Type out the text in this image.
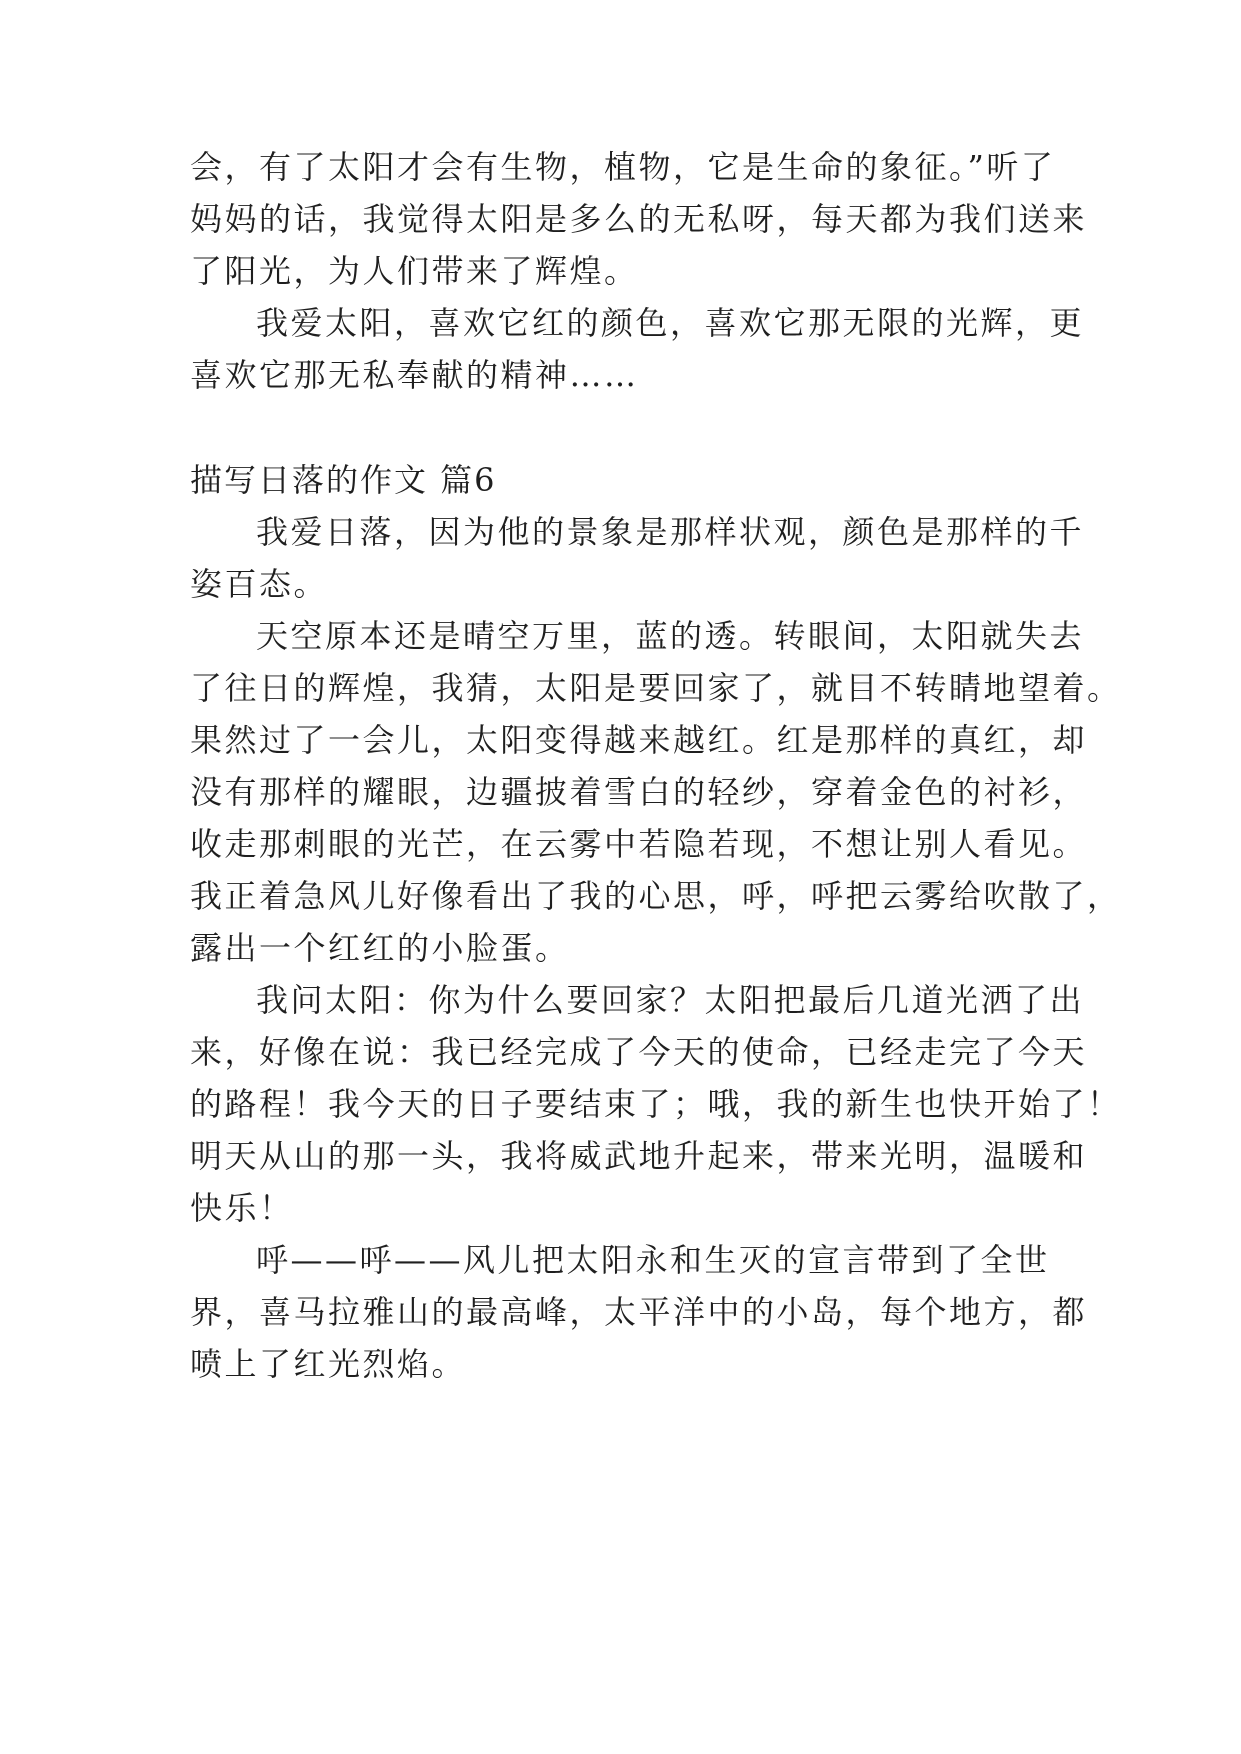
会，有了太阳才会有生物，植物，它是生命的象征。”听了
妈妈的话，我觉得太阳是多么的无私呀，每天都为我们送来
了阳光，为人们带来了辉煌。
我爱太阳，喜欢它红的颜色，喜欢它那无限的光辉，更
喜欢它那无私奉献的精神……
描写日落的作文 篇6
我爱日落，因为他的景象是那样状观，颜色是那样的千
姿百态。
天空原本还是晴空万里，蓝的透。转眼间，太阳就失去
了往日的辉煌，我猜，太阳是要回家了，就目不转睛地望着。
果然过了一会儿，太阳变得越来越红。红是那样的真红，却
没有那样的耀眼，边疆披着雪白的轻纱，穿着金色的衬衫，
收走那刺眼的光芒，在云雾中若隐若现，不想让别人看见。
我正着急风儿好像看出了我的心思，呼，呼把云雾给吹散了，
露出一个红红的小脸蛋。
我问太阳：你为什么要回家？太阳把最后几道光洒了出
来，好像在说：我已经完成了今天的使命，已经走完了今天
的路程！我今天的日子要结束了；哦，我的新生也快开始了！
明天从山的那一头，我将威武地升起来，带来光明，温暖和
快乐！
呼——呼——风儿把太阳永和生灭的宣言带到了全世
界，喜马拉雅山的最高峰，太平洋中的小岛，每个地方，都
喷上了红光烈焰。
